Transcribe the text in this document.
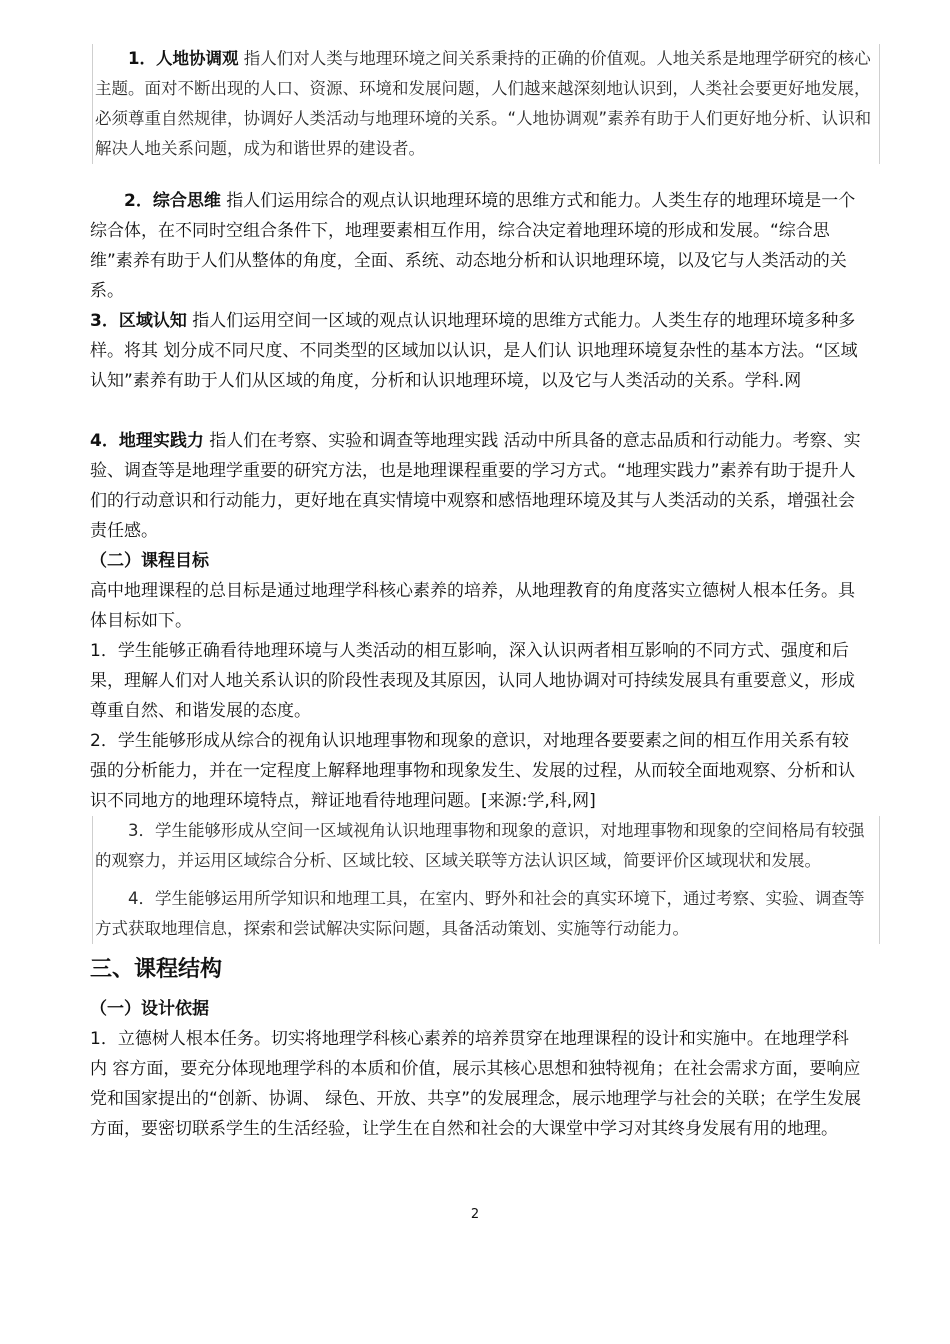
1．人地协调观 指人们对人类与地理环境之间关系秉持的正确的价值观。人地关系是地理学研究的核心主题。面对不断出现的人口、资源、环境和发展问题，人们越来越深刻地认识到，人类社会要更好地发展，必须尊重自然规律，协调好人类活动与地理环境的关系。“人地协调观”素养有助于人们更好地分析、认识和解决人地关系问题，成为和谐世界的建设者。

2．综合思维 指人们运用综合的观点认识地理环境的思维方式和能力。人类生存的地理环境是一个综合体，在不同时空组合条件下，地理要素相互作用，综合决定着地理环境的形成和发展。“综合思维”素养有助于人们从整体的角度，全面、系统、动态地分析和认识地理环境，以及它与人类活动的关系。

3．区域认知 指人们运用空间一区域的观点认识地理环境的思维方式能力。人类生存的地理环境多种多样。将其 划分成不同尺度、不同类型的区域加以认识，是人们认 识地理环境复杂性的基本方法。“区域认知”素养有助于人们从区域的角度，分析和认识地理环境，以及它与人类活动的关系。学科.网

4．地理实践力 指人们在考察、实验和调查等地理实践 活动中所具备的意志品质和行动能力。考察、实验、调查等是地理学重要的研究方法，也是地理课程重要的学习方式。“地理实践力”素养有助于提升人们的行动意识和行动能力，更好地在真实情境中观察和感悟地理环境及其与人类活动的关系，增强社会责任感。

（二）课程目标

高中地理课程的总目标是通过地理学科核心素养的培养，从地理教育的角度落实立德树人根本任务。具体目标如下。

1．学生能够正确看待地理环境与人类活动的相互影响，深入认识两者相互影响的不同方式、强度和后果，理解人们对人地关系认识的阶段性表现及其原因，认同人地协调对可持续发展具有重要意义，形成尊重自然、和谐发展的态度。

2．学生能够形成从综合的视角认识地理事物和现象的意识，对地理各要要素之间的相互作用关系有较强的分析能力，并在一定程度上解释地理事物和现象发生、发展的过程，从而较全面地观察、分析和认识不同地方的地理环境特点，辩证地看待地理问题。[来源:学,科,网]

3．学生能够形成从空间一区域视角认识地理事物和现象的意识，对地理事物和现象的空间格局有较强的观察力，并运用区域综合分析、区域比较、区域关联等方法认识区域，简要评价区域现状和发展。

4．学生能够运用所学知识和地理工具，在室内、野外和社会的真实环境下，通过考察、实验、调查等方式获取地理信息，探索和尝试解决实际问题，具备活动策划、实施等行动能力。

三、课程结构

（一）设计依据

1．立德树人根本任务。切实将地理学科核心素养的培养贯穿在地理课程的设计和实施中。在地理学科内 容方面，要充分体现地理学科的本质和价值，展示其核心思想和独特视角；在社会需求方面，要响应党和国家提出的“创新、协调、 绿色、开放、共享”的发展理念，展示地理学与社会的关联；在学生发展方面，要密切联系学生的生活经验，让学生在自然和社会的大课堂中学习对其终身发展有用的地理。

2
